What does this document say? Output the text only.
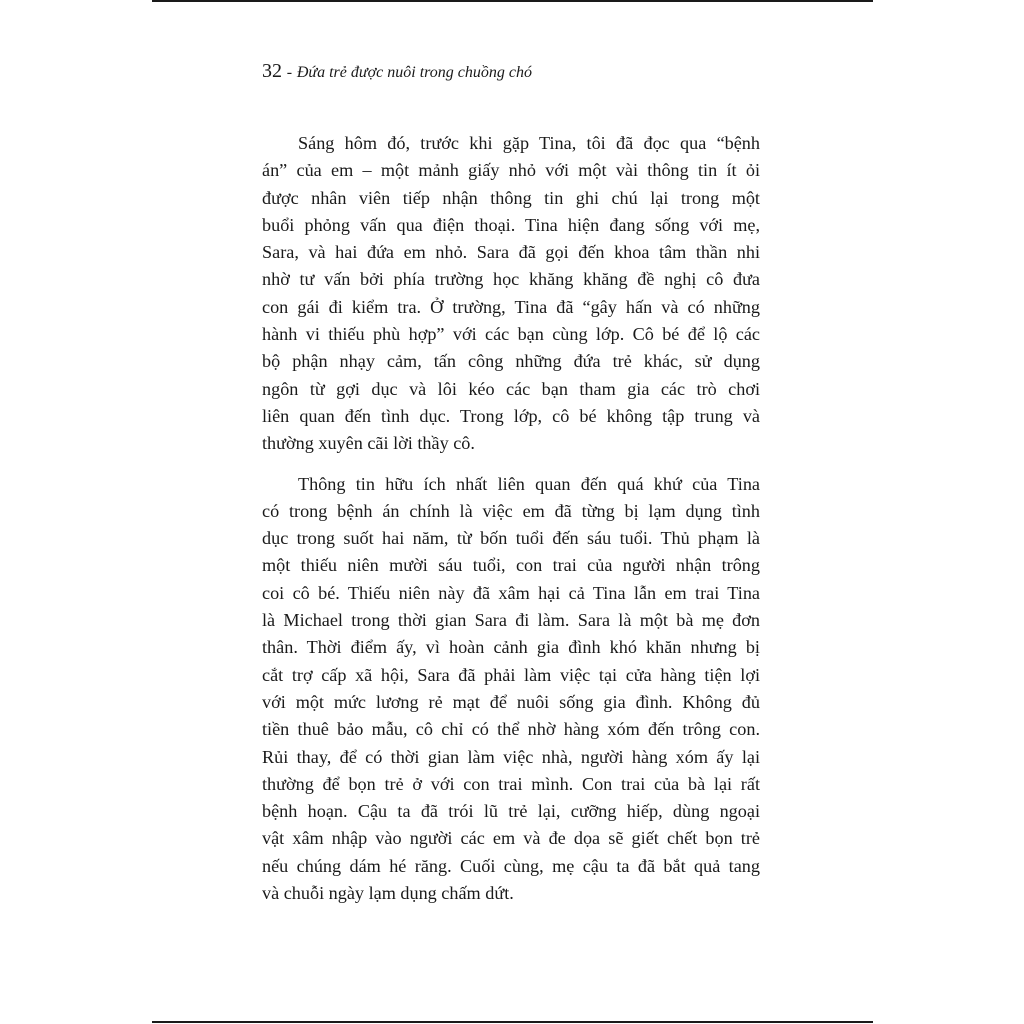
32 - Đứa trẻ được nuôi trong chuồng chó

Sáng hôm đó, trước khi gặp Tina, tôi đã đọc qua “bệnh
án” của em – một mảnh giấy nhỏ với một vài thông tin ít ỏi
được nhân viên tiếp nhận thông tin ghi chú lại trong một
buổi phỏng vấn qua điện thoại. Tina hiện đang sống với mẹ,
Sara, và hai đứa em nhỏ. Sara đã gọi đến khoa tâm thần nhi
nhờ tư vấn bởi phía trường học khăng khăng đề nghị cô đưa
con gái đi kiểm tra. Ở trường, Tina đã “gây hấn và có những
hành vi thiếu phù hợp” với các bạn cùng lớp. Cô bé để lộ các
bộ phận nhạy cảm, tấn công những đứa trẻ khác, sử dụng
ngôn từ gợi dục và lôi kéo các bạn tham gia các trò chơi
liên quan đến tình dục. Trong lớp, cô bé không tập trung và
thường xuyên cãi lời thầy cô.

Thông tin hữu ích nhất liên quan đến quá khứ của Tina
có trong bệnh án chính là việc em đã từng bị lạm dụng tình
dục trong suốt hai năm, từ bốn tuổi đến sáu tuổi. Thủ phạm là
một thiếu niên mười sáu tuổi, con trai của người nhận trông
coi cô bé. Thiếu niên này đã xâm hại cả Tina lẫn em trai Tina
là Michael trong thời gian Sara đi làm. Sara là một bà mẹ đơn
thân. Thời điểm ấy, vì hoàn cảnh gia đình khó khăn nhưng bị
cắt trợ cấp xã hội, Sara đã phải làm việc tại cửa hàng tiện lợi
với một mức lương rẻ mạt để nuôi sống gia đình. Không đủ
tiền thuê bảo mẫu, cô chỉ có thể nhờ hàng xóm đến trông con.
Rủi thay, để có thời gian làm việc nhà, người hàng xóm ấy lại
thường để bọn trẻ ở với con trai mình. Con trai của bà lại rất
bệnh hoạn. Cậu ta đã trói lũ trẻ lại, cưỡng hiếp, dùng ngoại
vật xâm nhập vào người các em và đe dọa sẽ giết chết bọn trẻ
nếu chúng dám hé răng. Cuối cùng, mẹ cậu ta đã bắt quả tang
và chuỗi ngày lạm dụng chấm dứt.
